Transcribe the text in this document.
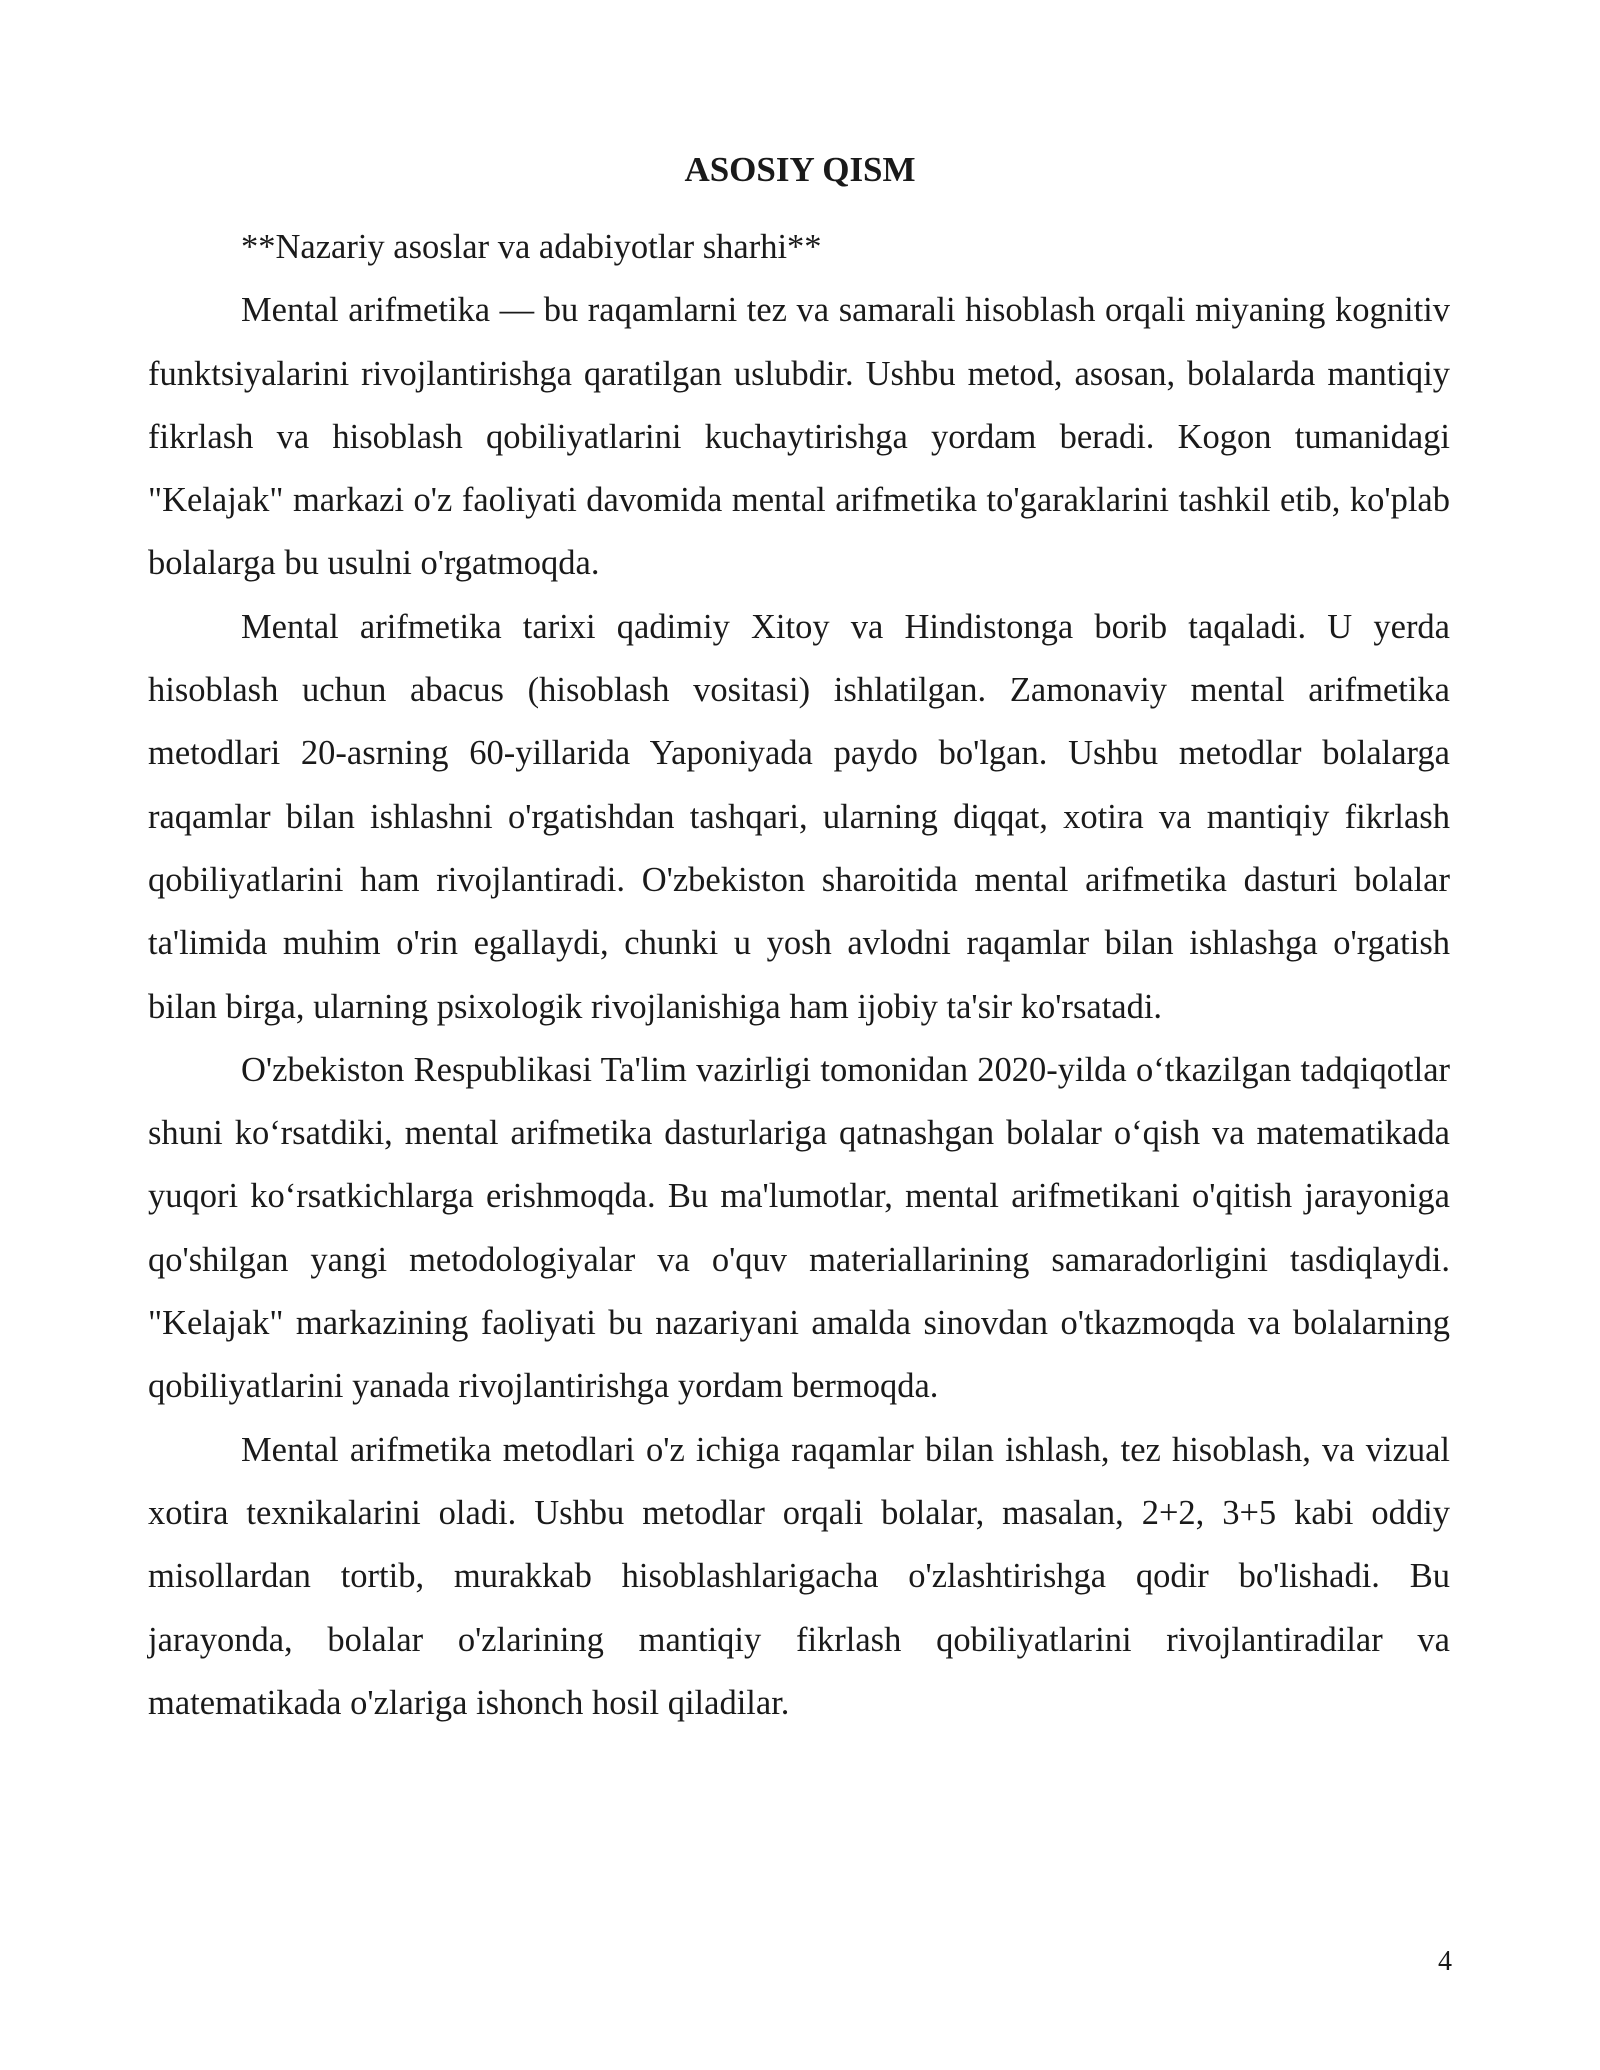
ASOSIY QISM

**Nazariy asoslar va adabiyotlar sharhi**

Mental arifmetika — bu raqamlarni tez va samarali hisoblash orqali miyaning kognitiv funktsiyalarini rivojlantirishga qaratilgan uslubdir. Ushbu metod, asosan, bolalarda mantiqiy fikrlash va hisoblash qobiliyatlarini kuchaytirishga yordam beradi. Kogon tumanidagi "Kelajak" markazi o'z faoliyati davomida mental arifmetika to'garaklarini tashkil etib, ko'plab bolalarga bu usulni o'rgatmoqda.

Mental arifmetika tarixi qadimiy Xitoy va Hindistonga borib taqaladi. U yerda hisoblash uchun abacus (hisoblash vositasi) ishlatilgan. Zamonaviy mental arifmetika metodlari 20-asrning 60-yillarida Yaponiyada paydo bo'lgan. Ushbu metodlar bolalarga raqamlar bilan ishlashni o'rgatishdan tashqari, ularning diqqat, xotira va mantiqiy fikrlash qobiliyatlarini ham rivojlantiradi. O'zbekiston sharoitida mental arifmetika dasturi bolalar ta'limida muhim o'rin egallaydi, chunki u yosh avlodni raqamlar bilan ishlashga o'rgatish bilan birga, ularning psixologik rivojlanishiga ham ijobiy ta'sir ko'rsatadi.

O'zbekiston Respublikasi Ta'lim vazirligi tomonidan 2020-yilda o‘tkazilgan tadqiqotlar shuni ko‘rsatdiki, mental arifmetika dasturlariga qatnashgan bolalar o‘qish va matematikada yuqori ko‘rsatkichlarga erishmoqda. Bu ma'lumotlar, mental arifmetikani o'qitish jarayoniga qo'shilgan yangi metodologiyalar va o'quv materiallarining samaradorligini tasdiqlaydi. "Kelajak" markazining faoliyati bu nazariyani amalda sinovdan o'tkazmoqda va bolalarning qobiliyatlarini yanada rivojlantirishga yordam bermoqda.

Mental arifmetika metodlari o'z ichiga raqamlar bilan ishlash, tez hisoblash, va vizual xotira texnikalarini oladi. Ushbu metodlar orqali bolalar, masalan, 2+2, 3+5 kabi oddiy misollardan tortib, murakkab hisoblashlarigacha o'zlashtirishga qodir bo'lishadi. Bu jarayonda, bolalar o'zlarining mantiqiy fikrlash qobiliyatlarini rivojlantiradilar va matematikada o'zlariga ishonch hosil qiladilar.

4
